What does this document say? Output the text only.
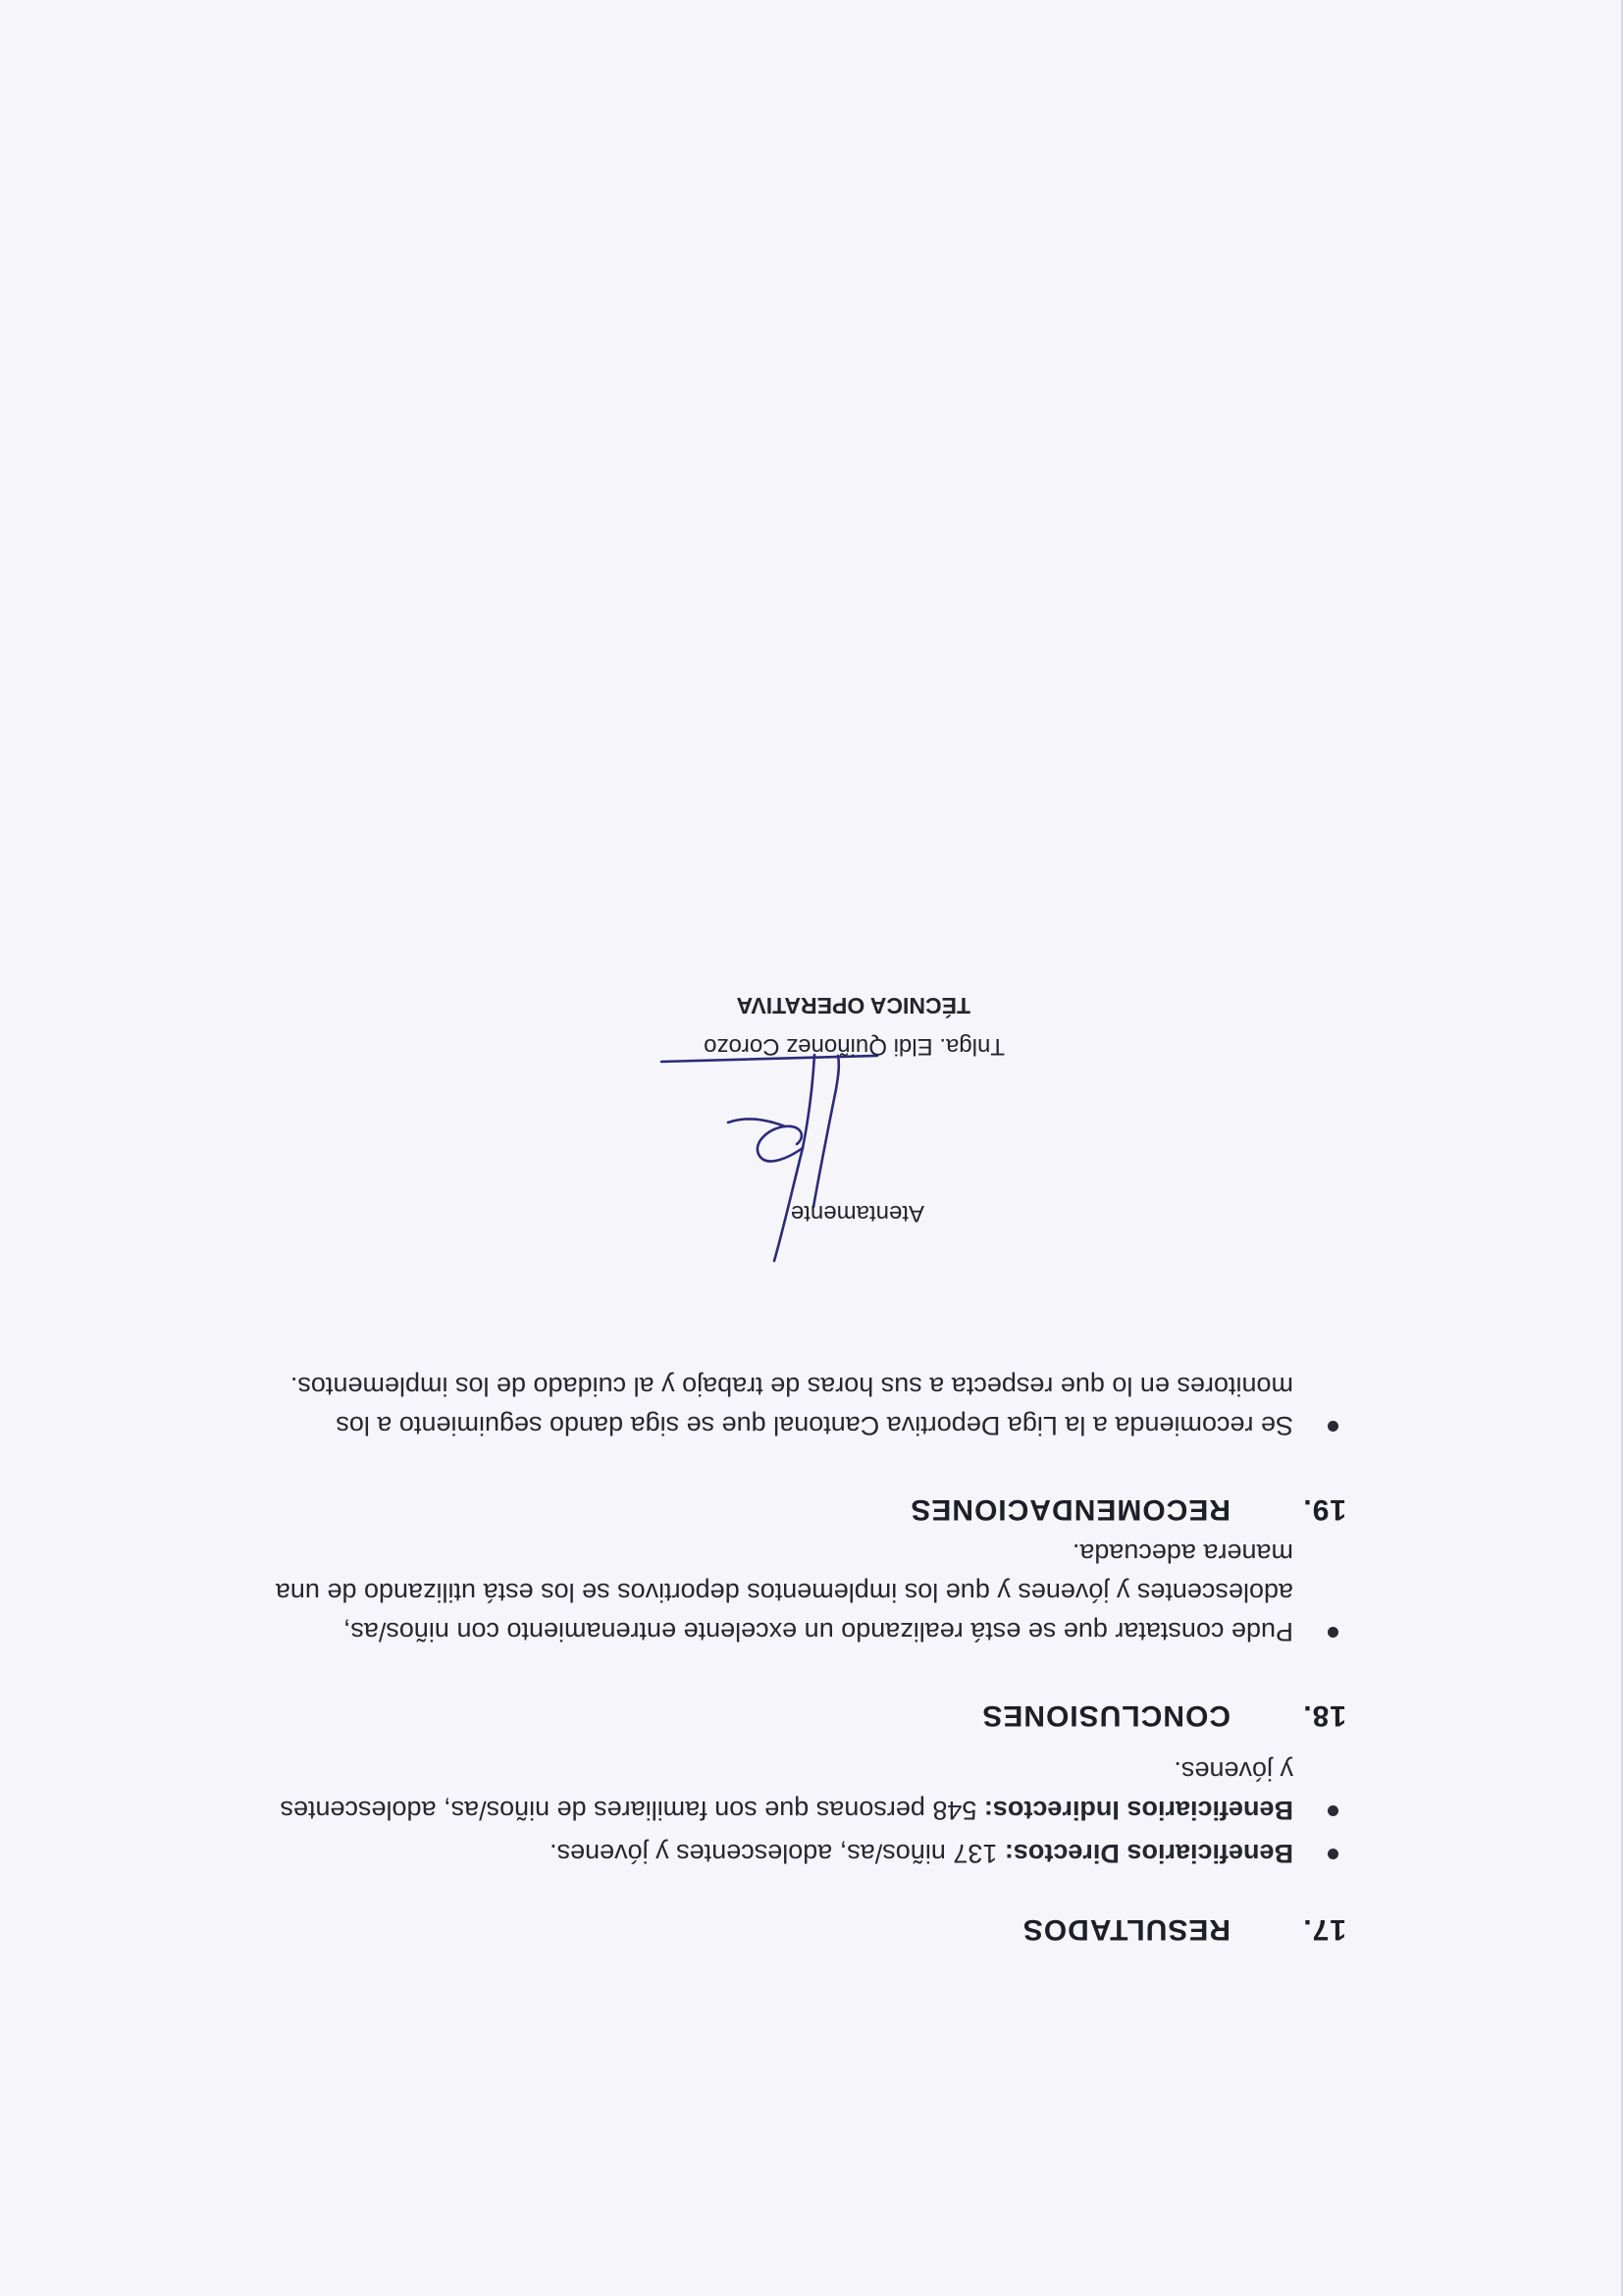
17.
RESULTADOS
Beneficiarios Directos: 137 niños/as, adolescentes y jóvenes.
Beneficiarios Indirectos: 548 personas que son familiares de niños/as, adolescentes y jóvenes.
18.
CONCLUSIONES
Pude constatar que se está realizando un excelente entrenamiento con niños/as, adolescentes y jóvenes y que los implementos deportivos se los está utilizando de una manera adecuada.
19.
RECOMENDACIONES
Se recomienda a la Liga Deportiva Cantonal que se siga dando seguimiento a los monitores en lo que respecta a sus horas de trabajo y al cuidado de los implementos.
Atentamente
Tnlga. Eldi Quiñonez Corozo
TÉCNICA OPERATIVA
